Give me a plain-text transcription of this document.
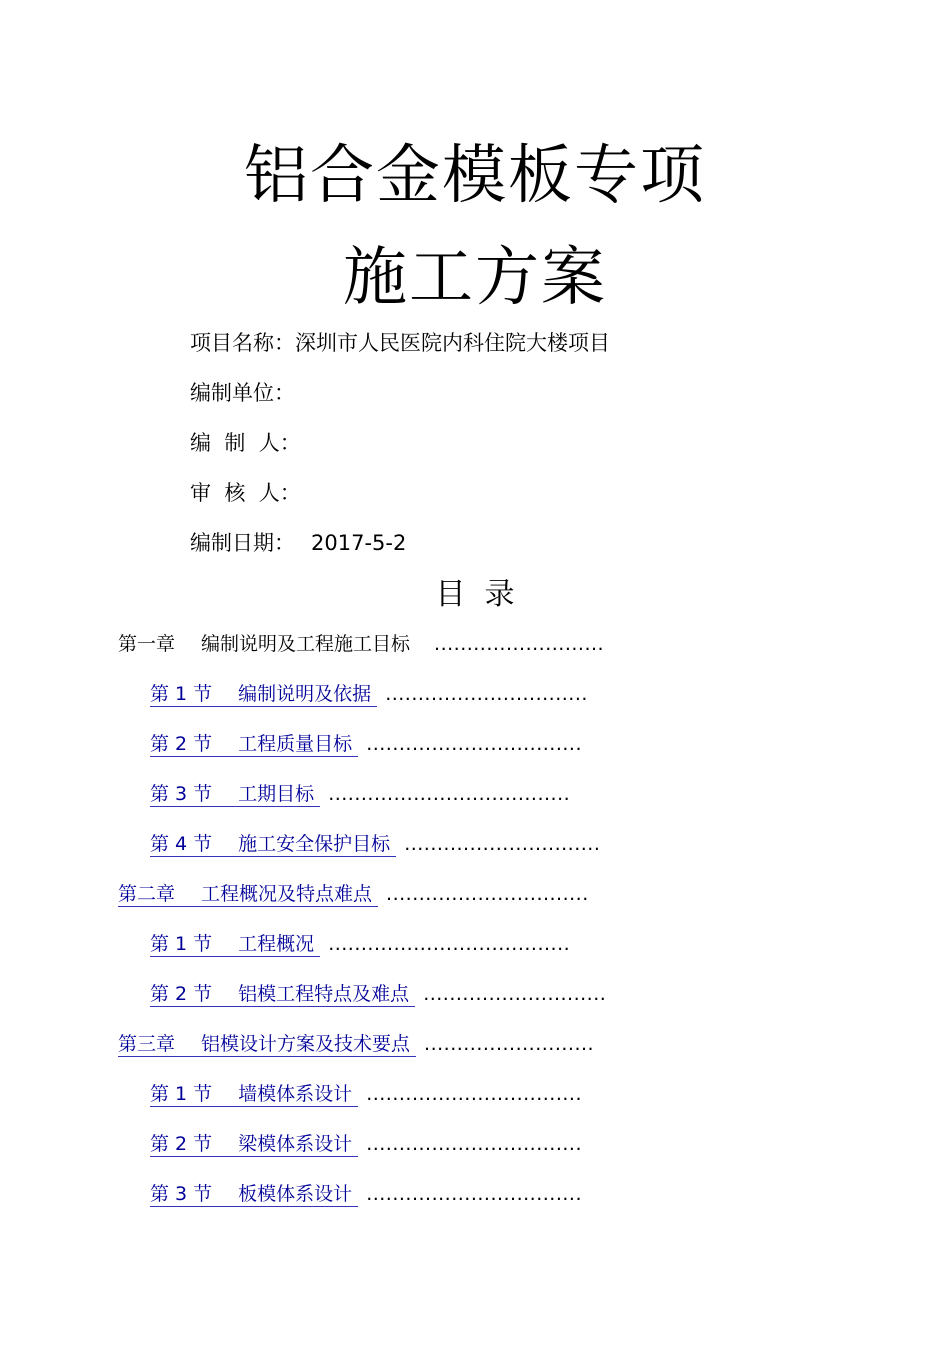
铝合金模板专项
施工方案
项目名称：深圳市人民医院内科住院大楼项目
编制单位：
编  制  人：
审  核  人：
编制日期： 2017-5-2
目  录
第一章 编制说明及工程施工目标 ..........................
第 1 节 编制说明及依据 ...............................
第 2 节 工程质量目标 .................................
第 3 节 工期目标 .....................................
第 4 节 施工安全保护目标 ..............................
第二章 工程概况及特点难点 ...............................
第 1 节 工程概况 .....................................
第 2 节 铝模工程特点及难点 ............................
第三章 铝模设计方案及技术要点 ..........................
第 1 节 墙模体系设计 .................................
第 2 节 梁模体系设计 .................................
第 3 节 板模体系设计 .................................
